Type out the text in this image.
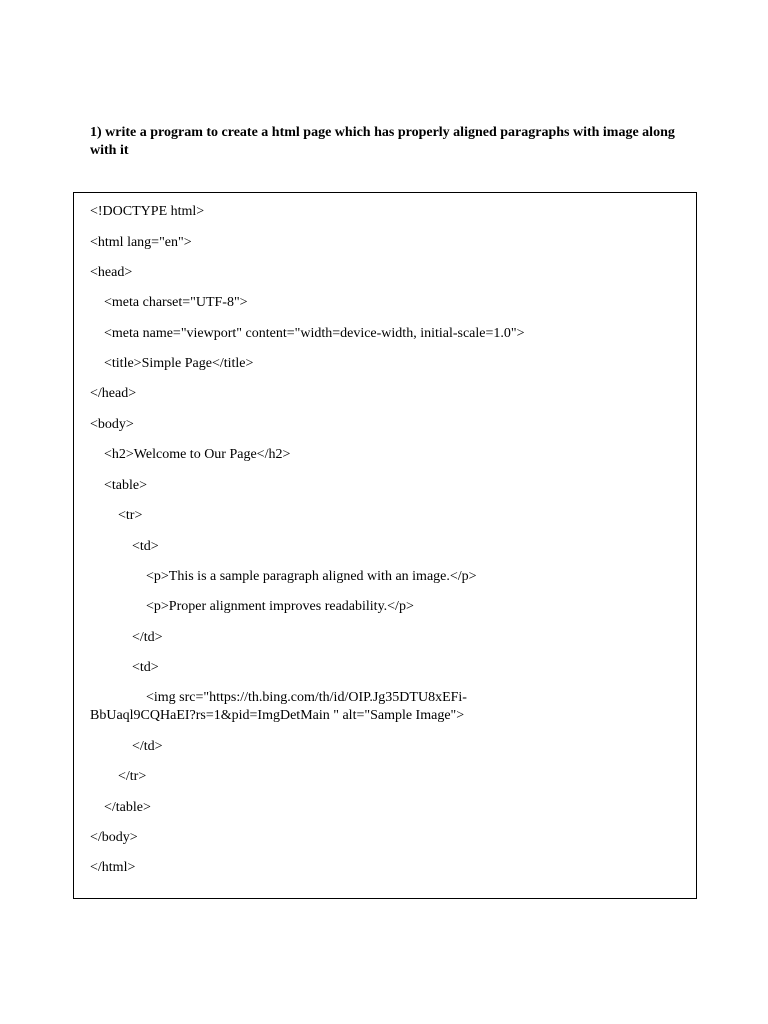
1) write a program to create a html page which has properly aligned paragraphs with image along with it

<!DOCTYPE html>
<html lang="en">
<head>
<meta charset="UTF-8">
<meta name="viewport" content="width=device-width, initial-scale=1.0">
<title>Simple Page</title>
</head>
<body>
<h2>Welcome to Our Page</h2>
<table>
<tr>
<td>
<p>This is a sample paragraph aligned with an image.</p>
<p>Proper alignment improves readability.</p>
</td>
<td>
<img src="https://th.bing.com/th/id/OIP.Jg35DTU8xEFi-
BbUaql9CQHaEI?rs=1&pid=ImgDetMain " alt="Sample Image">
</td>
</tr>
</table>
</body>
</html>
